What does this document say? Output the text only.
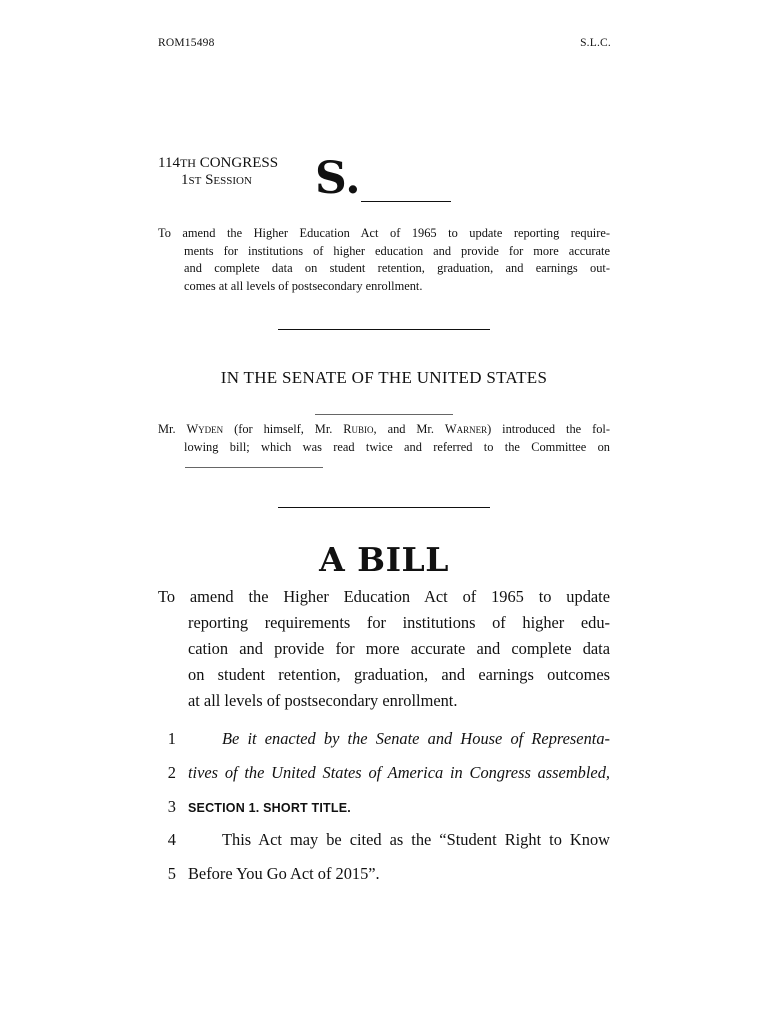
ROM15498	S.L.C.
114TH CONGRESS
1ST Session S.
To amend the Higher Education Act of 1965 to update reporting require-
ments for institutions of higher education and provide for more accurate
and complete data on student retention, graduation, and earnings out-
comes at all levels of postsecondary enrollment.
IN THE SENATE OF THE UNITED STATES
Mr. Wyden (for himself, Mr. Rubio, and Mr. Warner) introduced the fol-
lowing bill; which was read twice and referred to the Committee on
A BILL
To amend the Higher Education Act of 1965 to update
reporting requirements for institutions of higher edu-
cation and provide for more accurate and complete data
on student retention, graduation, and earnings outcomes
at all levels of postsecondary enrollment.
1	Be it enacted by the Senate and House of Representa-
2 tives of the United States of America in Congress assembled,
3 SECTION 1. SHORT TITLE.
4	This Act may be cited as the “Student Right to Know
5 Before You Go Act of 2015”.
